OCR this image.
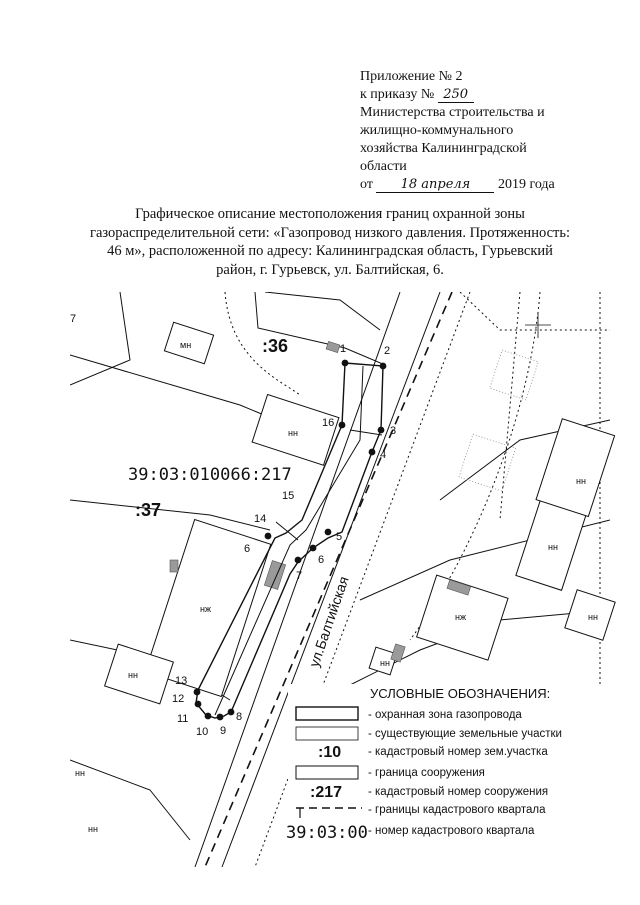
Приложение № 2
к приказу № 250
Министерства строительства и
жилищно-коммунального
хозяйства Калининградской
области
от 18 апреля 2019 года
Графическое описание местоположения границ охранной зоны
газораспределительной сети: «Газопровод низкого давления. Протяженность:
46 м», расположенной по адресу: Калининградская область, Гурьевский
район, г. Гурьевск, ул. Балтийская, 6.
1	2
3
4
5
6
7
8
9
10
11
12
13
14
15
16
:36
:37
39:03:010066:217
ул.Балтийская
6
7
мн
нн
нж
нн
нж
нн
нн
нн
нн
нн
нн
УСЛОВНЫЕ ОБОЗНАЧЕНИЯ:
- охранная зона газопровода
- существующие земельные участки
:10 - кадастровый номер зем.участка
- граница сооружения
:217 - кадастровый номер сооружения
- границы кадастрового квартала
39:03:00 - номер кадастрового квартала
